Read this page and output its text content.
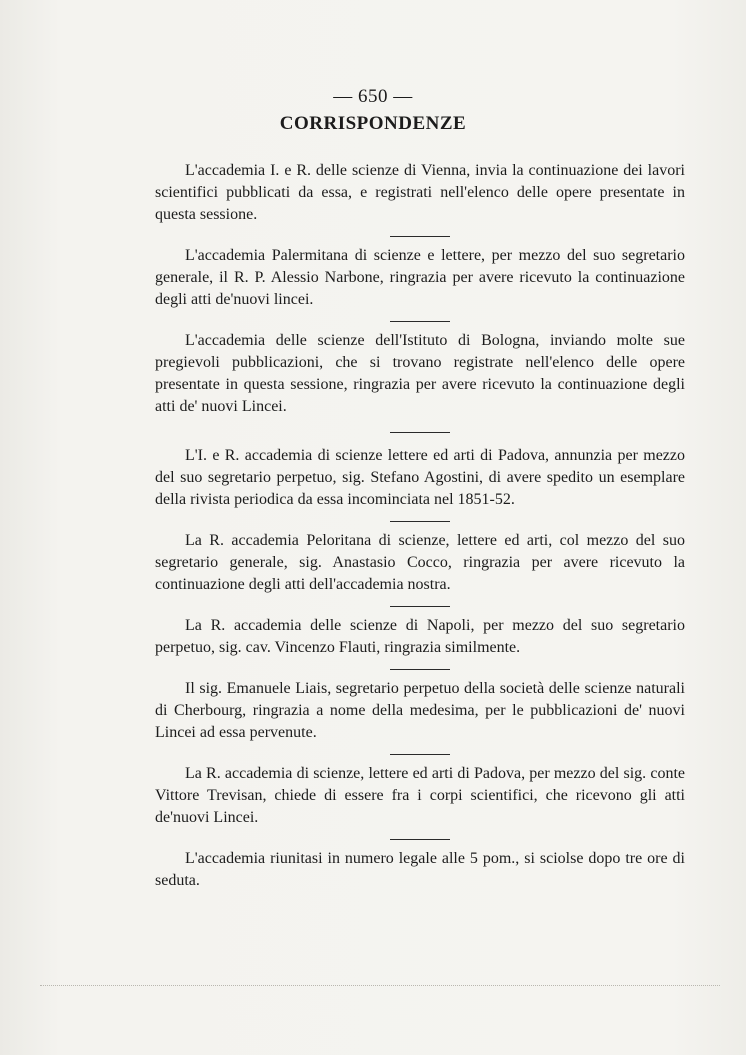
— 650 —
CORRISPONDENZE

L'accademia I. e R. delle scienze di Vienna, invia la continuazione dei lavori scientifici pubblicati da essa, e registrati nell'elenco delle opere presentate in questa sessione.

L'accademia Palermitana di scienze e lettere, per mezzo del suo segretario generale, il R. P. Alessio Narbone, ringrazia per avere ricevuto la continuazione degli atti de'nuovi lincei.

L'accademia delle scienze dell'Istituto di Bologna, inviando molte sue pregievoli pubblicazioni, che si trovano registrate nell'elenco delle opere presentate in questa sessione, ringrazia per avere ricevuto la continuazione degli atti de' nuovi Lincei.

L'I. e R. accademia di scienze lettere ed arti di Padova, annunzia per mezzo del suo segretario perpetuo, sig. Stefano Agostini, di avere spedito un esemplare della rivista periodica da essa incominciata nel 1851-52.

La R. accademia Peloritana di scienze, lettere ed arti, col mezzo del suo segretario generale, sig. Anastasio Cocco, ringrazia per avere ricevuto la continuazione degli atti dell'accademia nostra.

La R. accademia delle scienze di Napoli, per mezzo del suo segretario perpetuo, sig. cav. Vincenzo Flauti, ringrazia similmente.

Il sig. Emanuele Liais, segretario perpetuo della società delle scienze naturali di Cherbourg, ringrazia a nome della medesima, per le pubblicazioni de' nuovi Lincei ad essa pervenute.

La R. accademia di scienze, lettere ed arti di Padova, per mezzo del sig. conte Vittore Trevisan, chiede di essere fra i corpi scientifici, che ricevono gli atti de'nuovi Lincei.

L'accademia riunitasi in numero legale alle 5 pom., si sciolse dopo tre ore di seduta.
